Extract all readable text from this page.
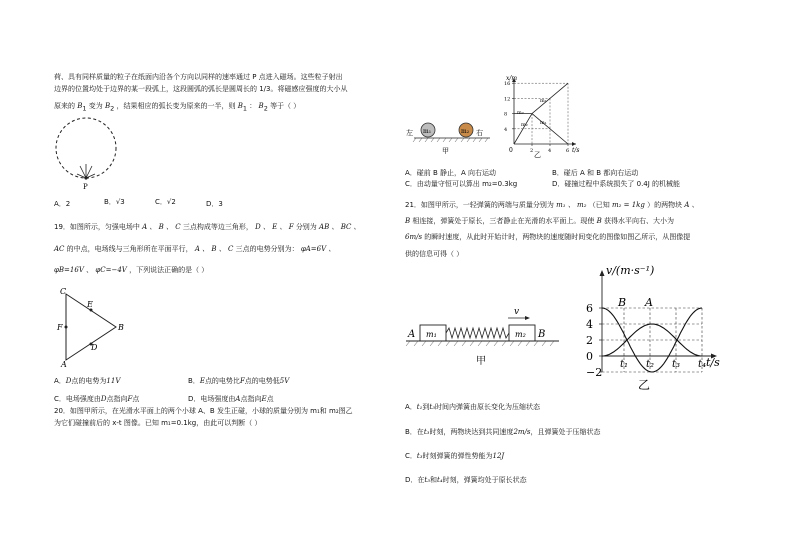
荷、具有同样质量的粒子在纸面内沿各个方向以同样的速率通过 P 点进入磁场。这些粒子射出
边界的位置均处于边界的某一段弧上，这段圆弧的弧长是圆周长的 1/3。将磁感应强度的大小从
原来的 $B_1$ 变为 $B_2$ ，结果相应的弧长变为原来的一半，则 $B_1$ ： $B_2$ 等于（ ）
P
A．2	B．√3	C．√2	D．3
19．如图所示，匀强电场中 A 、 B 、 C 三点构成等边三角形， D 、 E 、 F 分别为 AB 、 BC 、
AC 的中点，电场线与三角形所在平面平行， A 、 B 、 C 三点的电势分别为： φA=6V 、
φB=16V 、 φC=−4V ，下列说法正确的是（ ）
C
E
F	B
D
A
A．D点的电势为11V	B．E点的电势比F点的电势低5V
C．电场强度由D点指向F点	D．电场强度由A点指向E点
20．如图甲所示，在光滑水平面上的两个小球 A、B 发生正碰，小球的质量分别为 m₁和 m₂图乙
为它们碰撞前后的 x-t 图像。已知 m₁=0.1kg，由此可以判断（ ）
左 m₁	m₂ 右
甲
x/m
t/s
0
16
12
8
4
2	4	6
m₁
m₂
m₂ m₁
乙
A．碰前 B 静止，A 向右运动	B．碰后 A 和 B 都向右运动
C．由动量守恒可以算出 m₂=0.3kg	D．碰撞过程中系统损失了 0.4J 的机械能
21．如图甲所示，一轻弹簧的两端与质量分别为 m₁ 、 m₂ （已知 m₂ = 1kg ）的两物块 A 、
B 相连接，弹簧处于原长，三者静止在光滑的水平面上。现使 B 获得水平向右、大小为
6m/s 的瞬时速度，从此时开始计时，两物块的速度随时间变化的图像如图乙所示，从图像提
供的信息可得（ ）
A m₁	m₂ B
v
甲
v/(m·s⁻¹)
t/s
6
4
2
0
−2
t₁ t₂ t₃ t₄
B A
乙
A．t₁到t₃时间内弹簧由原长变化为压缩状态
B．在t₃时刻，两物块达到共同速度2m/s，且弹簧处于压缩状态
C．t₃时刻弹簧的弹性势能为12J
D．在t₃和t₄时刻，弹簧均处于原长状态
